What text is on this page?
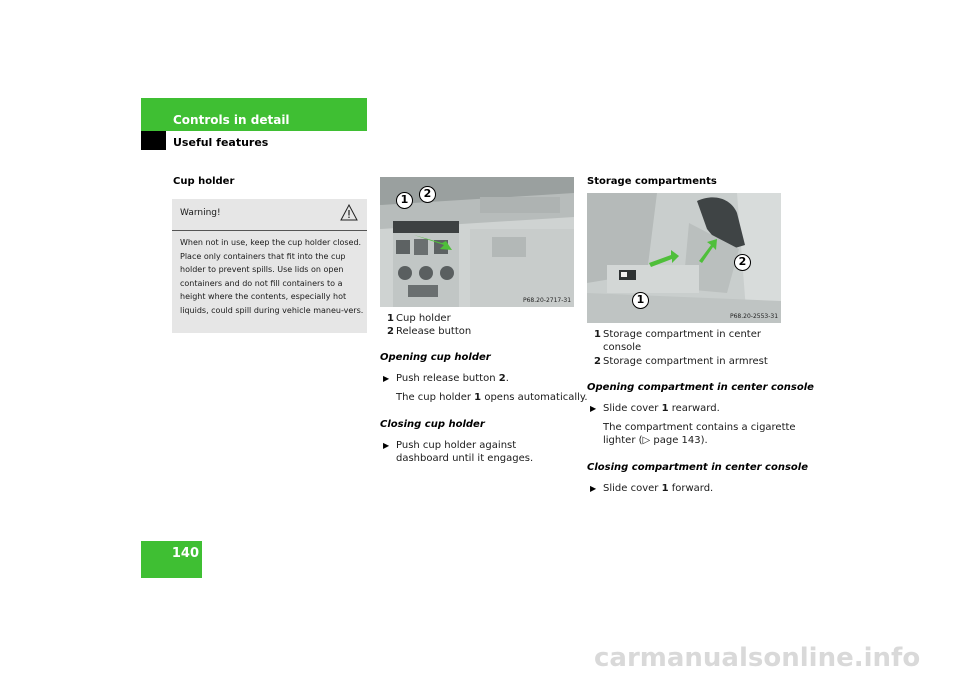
Controls in detail
Useful features
140
Cup holder
Warning!
When not in use, keep the cup holder closed. Place only containers that fit into the cup holder to prevent spills. Use lids on open containers and do not fill containers to a height where the contents, especially hot liquids, could spill during vehicle maneu-vers.
1	2
P68.20-2717-31
1 Cup holder
2 Release button
Opening cup holder
▶ Push release button 2.
The cup holder 1 opens automatically.
Closing cup holder
▶ Push cup holder against dashboard until it engages.
Storage compartments
1
2
P68.20-2553-31
1 Storage compartment in center
console
2 Storage compartment in armrest
Opening compartment in center console
▶ Slide cover 1 rearward.
The compartment contains a cigarette
lighter (▷ page 143).
Closing compartment in center console
▶ Slide cover 1 forward.
carmanualsonline.info
